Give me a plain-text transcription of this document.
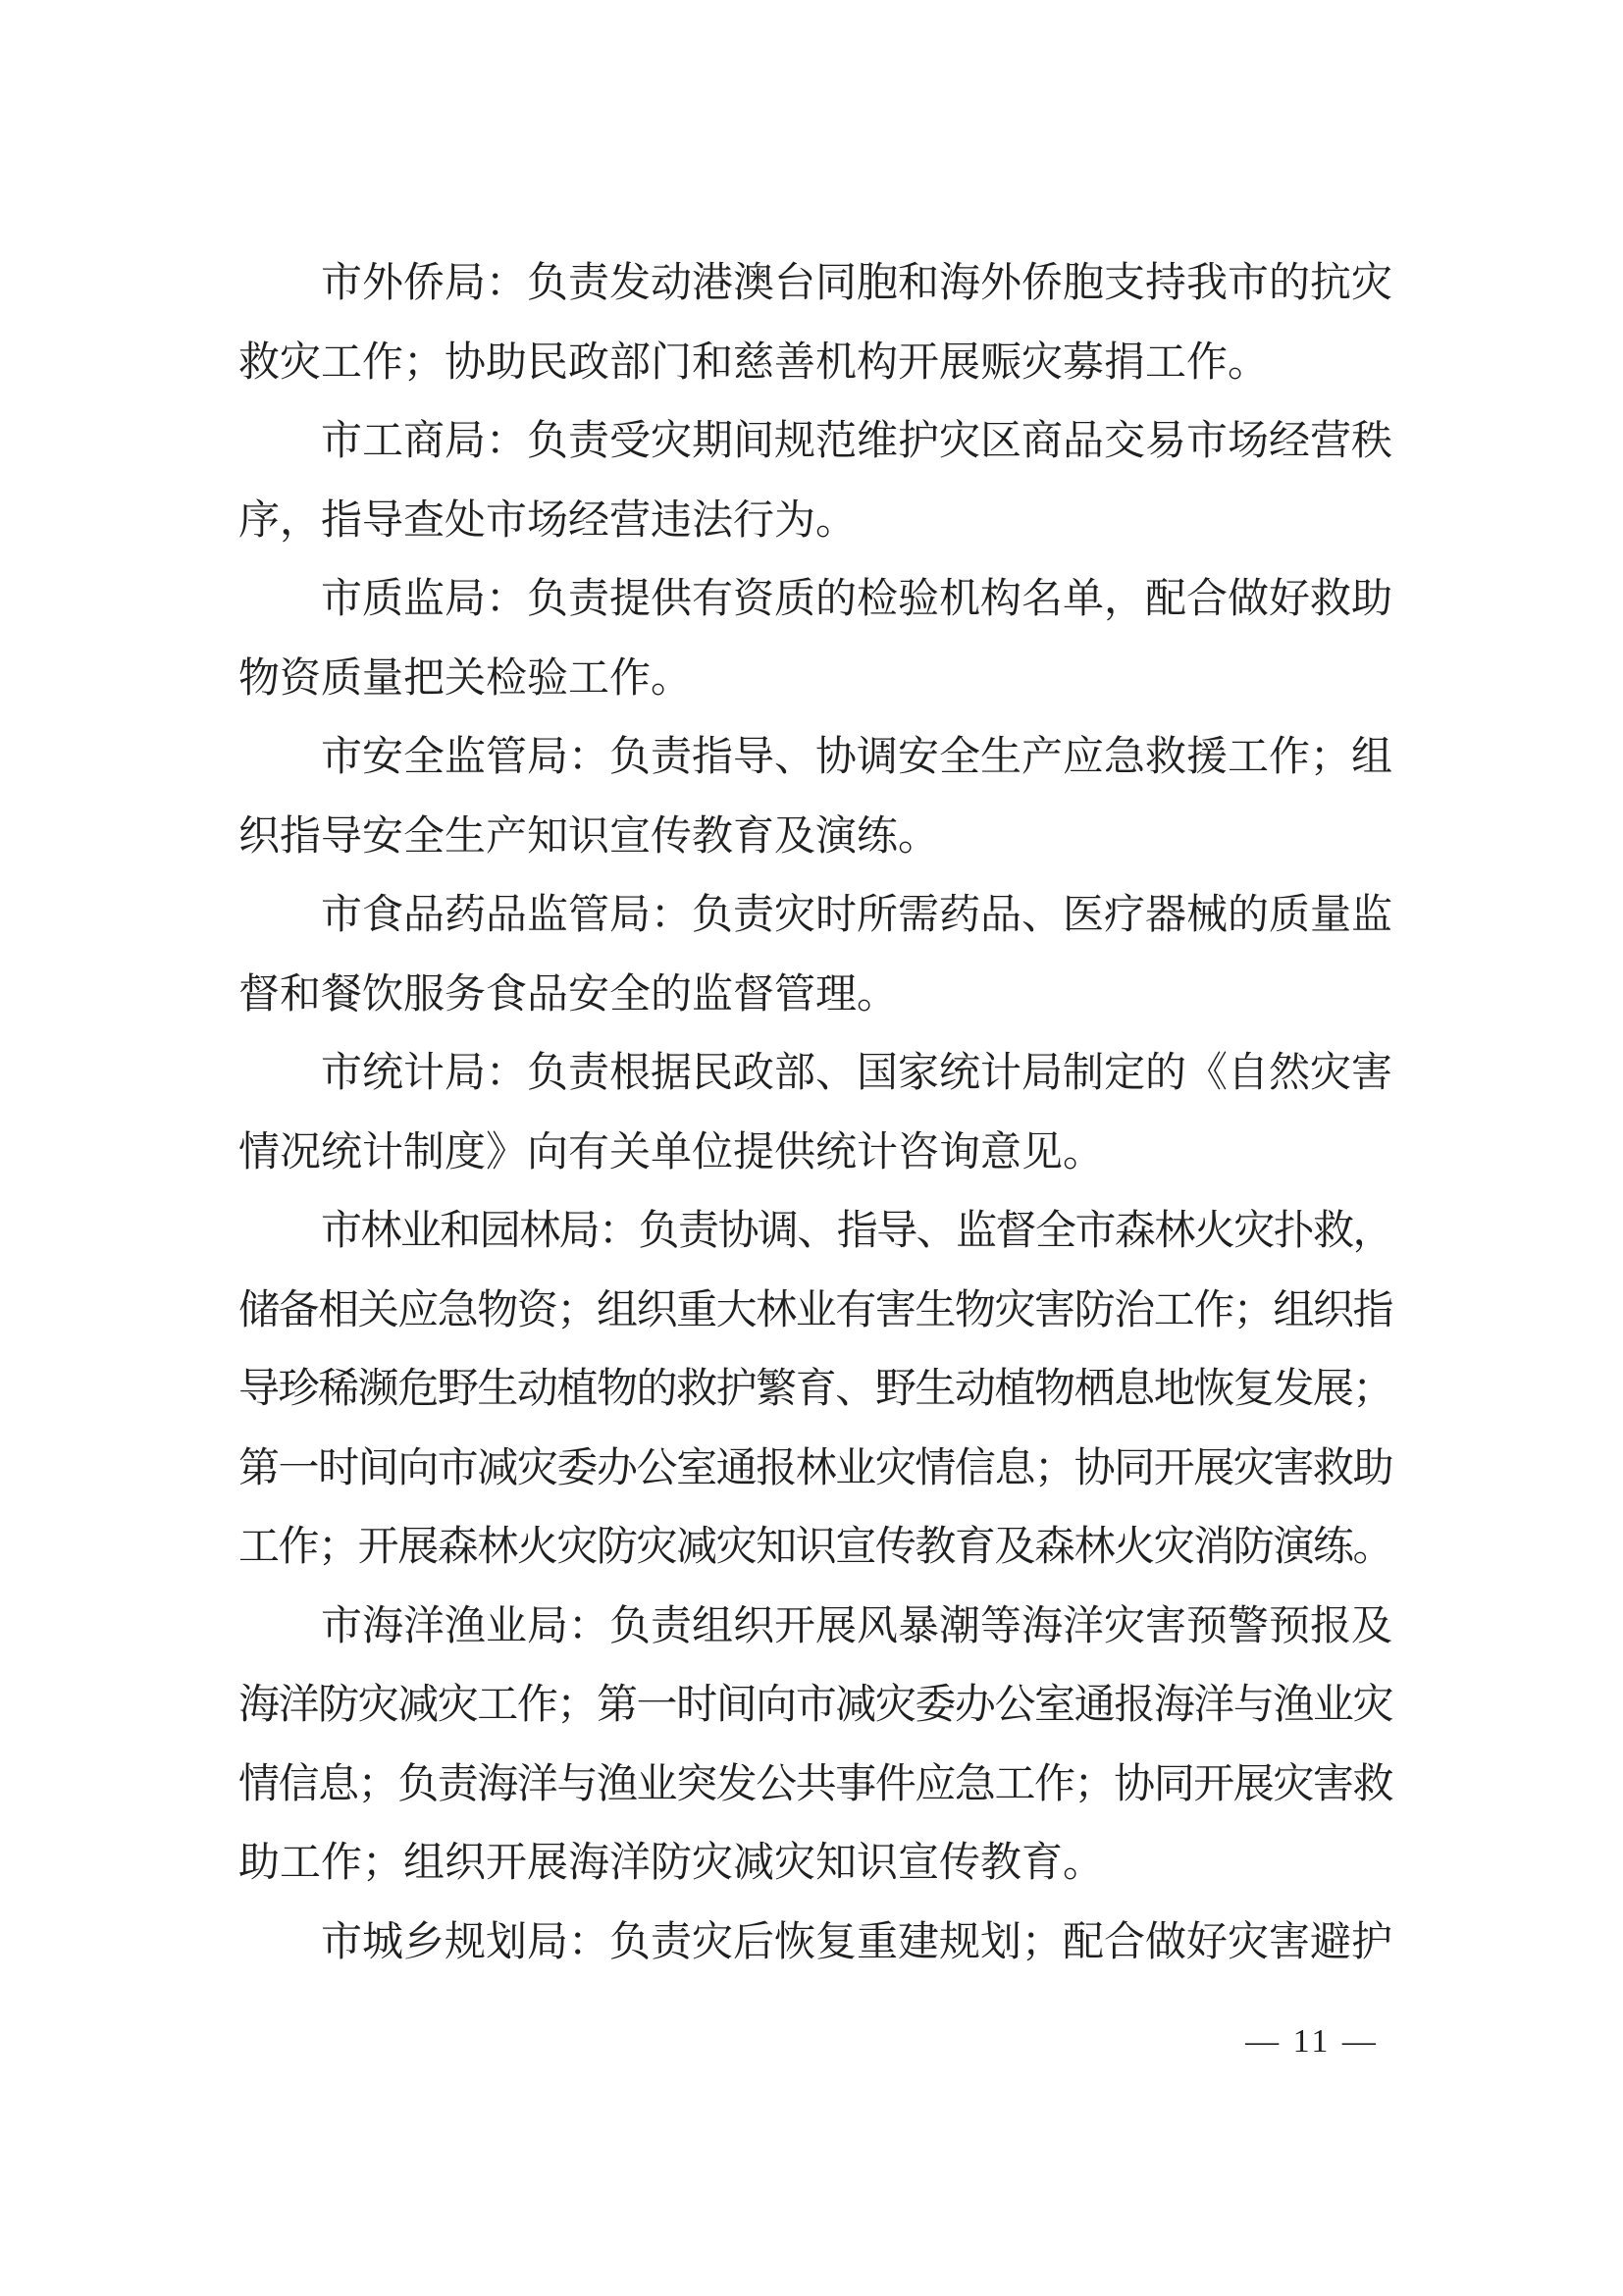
市外侨局：负责发动港澳台同胞和海外侨胞支持我市的抗灾
救灾工作；协助民政部门和慈善机构开展赈灾募捐工作。
市工商局：负责受灾期间规范维护灾区商品交易市场经营秩
序，指导查处市场经营违法行为。
市质监局：负责提供有资质的检验机构名单，配合做好救助
物资质量把关检验工作。
市安全监管局：负责指导、协调安全生产应急救援工作；组
织指导安全生产知识宣传教育及演练。
市食品药品监管局：负责灾时所需药品、医疗器械的质量监
督和餐饮服务食品安全的监督管理。
市统计局：负责根据民政部、国家统计局制定的《自然灾害
情况统计制度》向有关单位提供统计咨询意见。
市林业和园林局：负责协调、指导、监督全市森林火灾扑救，
储备相关应急物资；组织重大林业有害生物灾害防治工作；组织指
导珍稀濒危野生动植物的救护繁育、野生动植物栖息地恢复发展；
第一时间向市减灾委办公室通报林业灾情信息；协同开展灾害救助
工作；开展森林火灾防灾减灾知识宣传教育及森林火灾消防演练。
市海洋渔业局：负责组织开展风暴潮等海洋灾害预警预报及
海洋防灾减灾工作；第一时间向市减灾委办公室通报海洋与渔业灾
情信息；负责海洋与渔业突发公共事件应急工作；协同开展灾害救
助工作；组织开展海洋防灾减灾知识宣传教育。
市城乡规划局：负责灾后恢复重建规划；配合做好灾害避护
— 11 —
